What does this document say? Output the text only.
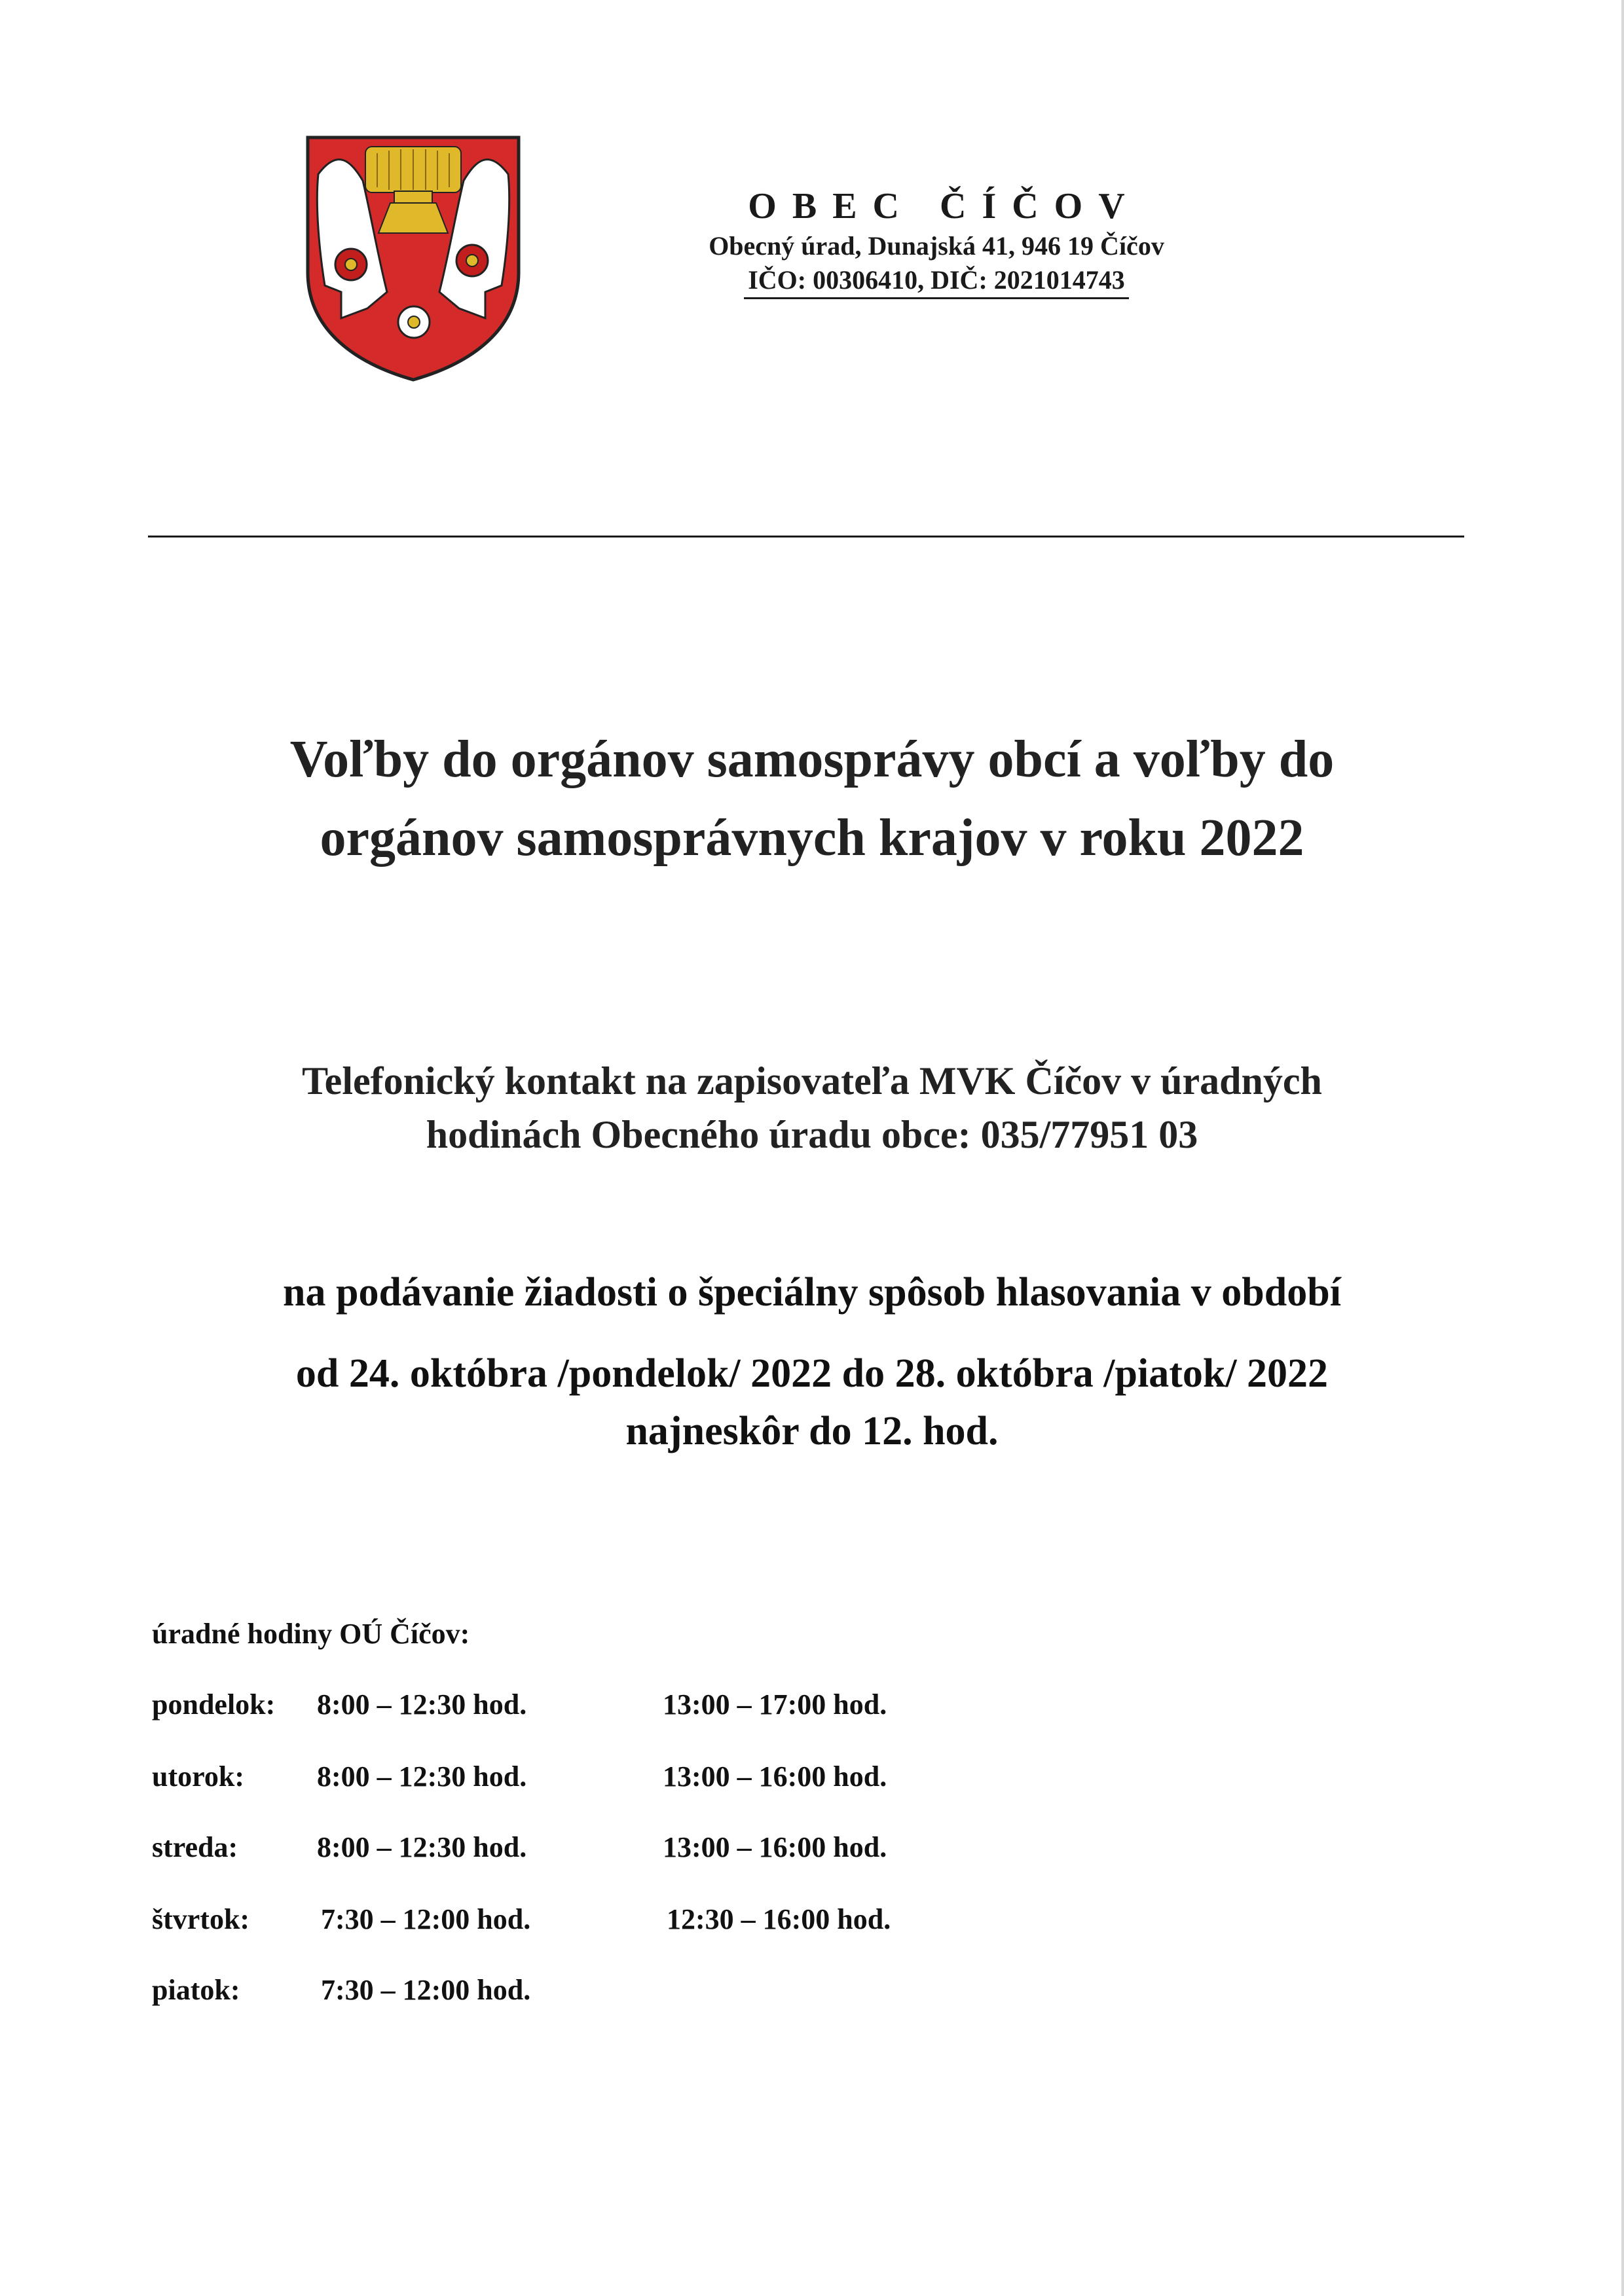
OBEC ČÍČOV
Obecný úrad, Dunajská 41, 946 19 Číčov
IČO: 00306410, DIČ: 2021014743

Voľby do orgánov samosprávy obcí a voľby do

orgánov samosprávnych krajov v roku 2022

Telefonický kontakt na zapisovateľa MVK Číčov v úradných

hodinách Obecného úradu obce: 035/77951 03

na podávanie žiadosti o špeciálny spôsob hlasovania v období

od 24. októbra /pondelok/ 2022 do 28. októbra /piatok/ 2022

najneskôr do 12. hod.

úradné hodiny OÚ Číčov:
pondelok: 8:00 – 12:30 hod.	13:00 – 17:00 hod.
utorok:	8:00 – 12:30 hod.	13:00 – 16:00 hod.
streda:	8:00 – 12:30 hod.	13:00 – 16:00 hod.
štvrtok: 7:30 – 12:00 hod.	12:30 – 16:00 hod.
piatok:	7:30 – 12:00 hod.
